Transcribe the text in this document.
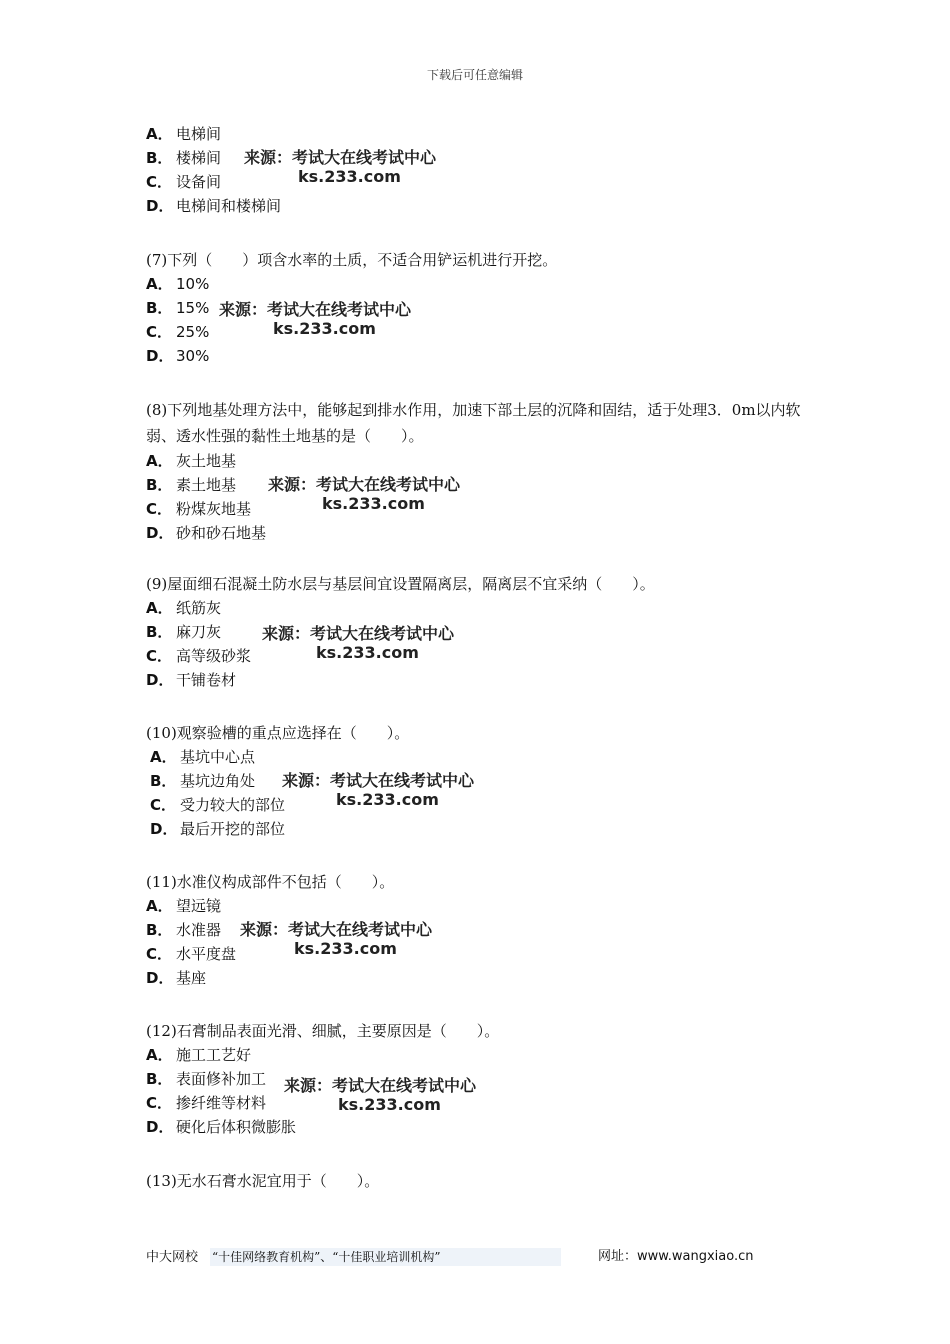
下载后可任意编辑
A． 电梯间
B． 楼梯间
C． 设备间
D． 电梯间和楼梯间
来源：考试大在线考试中心
ks.233.com
(7)下列（　　）项含水率的土质，不适合用铲运机进行开挖。
A． 10%
B． 15%
C． 25%
D． 30%
来源：考试大在线考试中心
ks.233.com
(8)下列地基处理方法中，能够起到排水作用，加速下部土层的沉降和固结，适于处理3．0m以内软弱、透水性强的黏性土地基的是（　　）。
A． 灰土地基
B． 素土地基
C． 粉煤灰地基
D． 砂和砂石地基
来源：考试大在线考试中心
ks.233.com
(9)屋面细石混凝土防水层与基层间宜设置隔离层，隔离层不宜采纳（　　）。
A． 纸筋灰
B． 麻刀灰
C． 高等级砂浆
D． 干铺卷材
来源：考试大在线考试中心
ks.233.com
(10)观察验槽的重点应选择在（　　）。
A． 基坑中心点
B． 基坑边角处
C． 受力较大的部位
D． 最后开挖的部位
来源：考试大在线考试中心
ks.233.com
(11)水准仪构成部件不包括（　　）。
A． 望远镜
B． 水准器
C． 水平度盘
D． 基座
来源：考试大在线考试中心
ks.233.com
(12)石膏制品表面光滑、细腻，主要原因是（　　）。
A． 施工工艺好
B． 表面修补加工
C． 掺纤维等材料
D． 硬化后体积微膨胀
来源：考试大在线考试中心
ks.233.com
(13)无水石膏水泥宜用于（　　）。
中大网校 “十佳网络教育机构”、“十佳职业培训机构”	网址：www.wangxiao.cn
